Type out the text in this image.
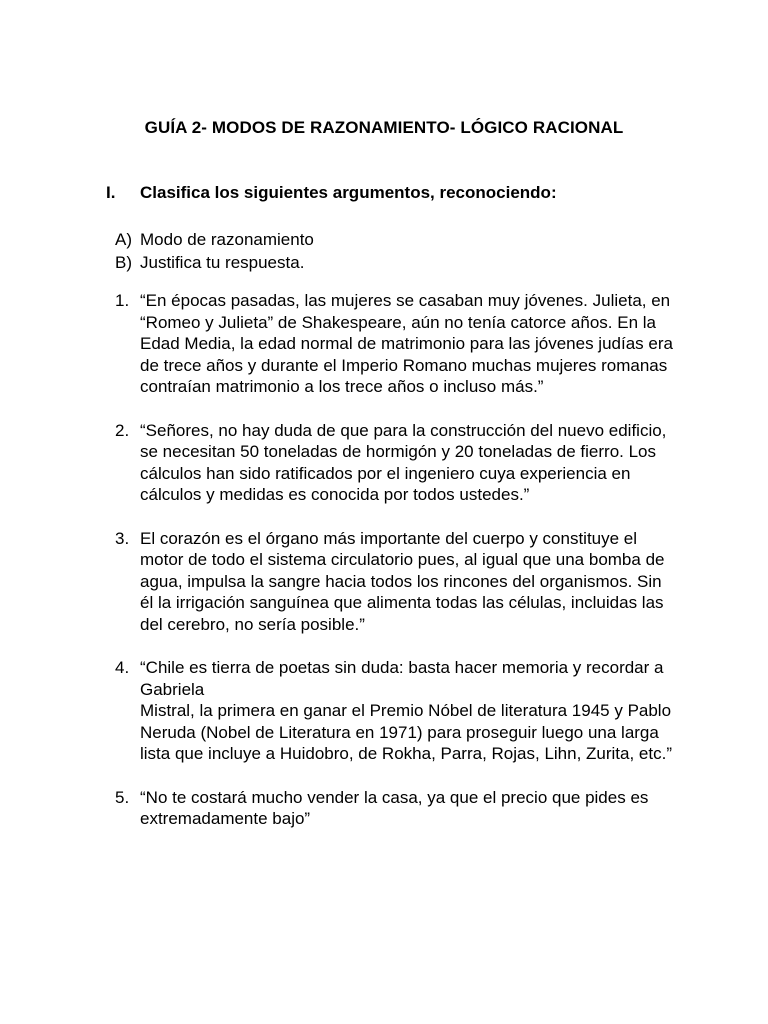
GUÍA 2- MODOS DE RAZONAMIENTO- LÓGICO RACIONAL
I. Clasifica los siguientes argumentos, reconociendo:
A) Modo de razonamiento
B) Justifica tu respuesta.
1. “En épocas pasadas, las mujeres se casaban muy jóvenes. Julieta, en “Romeo y Julieta” de Shakespeare, aún no tenía catorce años. En la Edad Media, la edad normal de matrimonio para las jóvenes judías era de trece años y durante el Imperio Romano muchas mujeres romanas contraían matrimonio a los trece años o incluso más.”
2. “Señores, no hay duda de que para la construcción del nuevo edificio, se necesitan 50 toneladas de hormigón y 20 toneladas de fierro. Los cálculos han sido ratificados por el ingeniero cuya experiencia en cálculos y medidas es conocida por todos ustedes.”
3. El corazón es el órgano más importante del cuerpo y constituye el motor de todo el sistema circulatorio pues, al igual que una bomba de agua, impulsa la sangre hacia todos los rincones del organismos. Sin él la irrigación sanguínea que alimenta todas las células, incluidas las del cerebro, no sería posible.”
4. “Chile es tierra de poetas sin duda: basta hacer memoria y recordar a Gabriela
Mistral, la primera en ganar el Premio Nóbel de literatura 1945 y Pablo Neruda (Nobel de Literatura en 1971) para proseguir luego una larga lista que incluye a Huidobro, de Rokha, Parra, Rojas, Lihn, Zurita, etc.”
5. “No te costará mucho vender la casa, ya que el precio que pides es extremadamente bajo”
